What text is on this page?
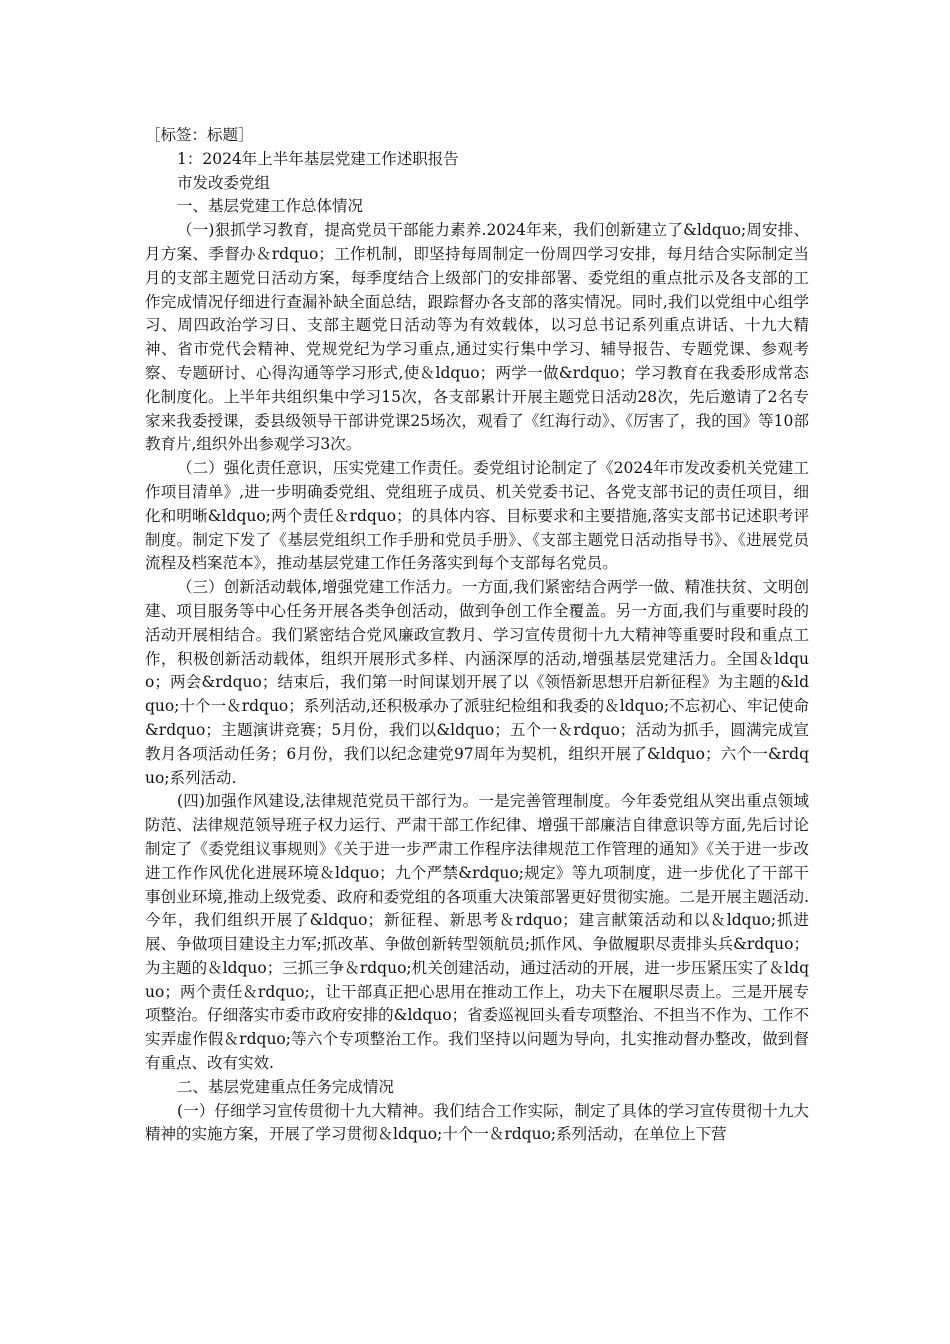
［标签：标题］

1：2024年上半年基层党建工作述职报告

市发改委党组

一、基层党建工作总体情况

（一)狠抓学习教育，提高党员干部能力素养.2024年来，我们创新建立了&ldquo;周安排、月方案、季督办＆rdquo；工作机制，即坚持每周制定一份周四学习安排，每月结合实际制定当月的支部主题党日活动方案，每季度结合上级部门的安排部署、委党组的重点批示及各支部的工作完成情况仔细进行查漏补缺全面总结，跟踪督办各支部的落实情况。同时,我们以党组中心组学习、周四政治学习日、支部主题党日活动等为有效载体，以习总书记系列重点讲话、十九大精神、省市党代会精神、党规党纪为学习重点,通过实行集中学习、辅导报告、专题党课、参观考察、专题研讨、心得沟通等学习形式,使＆ldquo；两学一做&rdquo；学习教育在我委形成常态化制度化。上半年共组织集中学习15次，各支部累计开展主题党日活动28次，先后邀请了2名专家来我委授课，委县级领导干部讲党课25场次，观看了《红海行动》、《厉害了，我的国》等10部教育片,组织外出参观学习3次。

（二）强化责任意识，压实党建工作责任。委党组讨论制定了《2024年市发改委机关党建工作项目清单》,进一步明确委党组、党组班子成员、机关党委书记、各党支部书记的责任项目，细化和明晰&ldquo;两个责任＆rdquo；的具体内容、目标要求和主要措施,落实支部书记述职考评制度。制定下发了《基层党组织工作手册和党员手册》、《支部主题党日活动指导书》、《进展党员流程及档案范本》，推动基层党建工作任务落实到每个支部每名党员。

（三）创新活动载体,增强党建工作活力。一方面,我们紧密结合两学一做、精准扶贫、文明创建、项目服务等中心任务开展各类争创活动，做到争创工作全覆盖。另一方面,我们与重要时段的活动开展相结合。我们紧密结合党风廉政宣教月、学习宣传贯彻十九大精神等重要时段和重点工作，积极创新活动载体，组织开展形式多样、内涵深厚的活动,增强基层党建活力。全国＆ldquo；两会&rdquo；结束后，我们第一时间谋划开展了以《领悟新思想开启新征程》为主题的&ldquo;十个一＆rdquo；系列活动,还积极承办了派驻纪检组和我委的＆ldquo;不忘初心、牢记使命&rdquo；主题演讲竞赛；5月份，我们以&ldquo；五个一＆rdquo；活动为抓手，圆满完成宣教月各项活动任务；6月份，我们以纪念建党97周年为契机，组织开展了&ldquo；六个一&rdquo;系列活动.

(四)加强作风建设,法律规范党员干部行为。一是完善管理制度。今年委党组从突出重点领域防范、法律规范领导班子权力运行、严肃干部工作纪律、增强干部廉洁自律意识等方面,先后讨论制定了《委党组议事规则》《关于进一步严肃工作程序法律规范工作管理的通知》《关于进一步改进工作作风优化进展环境＆ldquo；九个严禁&rdquo;规定》等九项制度，进一步优化了干部干事创业环境,推动上级党委、政府和委党组的各项重大决策部署更好贯彻实施。二是开展主题活动.今年，我们组织开展了&ldquo；新征程、新思考＆rdquo；建言献策活动和以＆ldquo;抓进展、争做项目建设主力军;抓改革、争做创新转型领航员;抓作风、争做履职尽责排头兵&rdquo；为主题的＆ldquo；三抓三争＆rdquo;机关创建活动，通过活动的开展，进一步压紧压实了＆ldquo；两个责任＆rdquo;，让干部真正把心思用在推动工作上，功夫下在履职尽责上。三是开展专项整治。仔细落实市委市政府安排的&ldquo；省委巡视回头看专项整治、不担当不作为、工作不实弄虚作假＆rdquo;等六个专项整治工作。我们坚持以问题为导向，扎实推动督办整改，做到督有重点、改有实效.

二、基层党建重点任务完成情况

(一）仔细学习宣传贯彻十九大精神。我们结合工作实际，制定了具体的学习宣传贯彻十九大精神的实施方案，开展了学习贯彻＆ldquo;十个一＆rdquo;系列活动，在单位上下营
